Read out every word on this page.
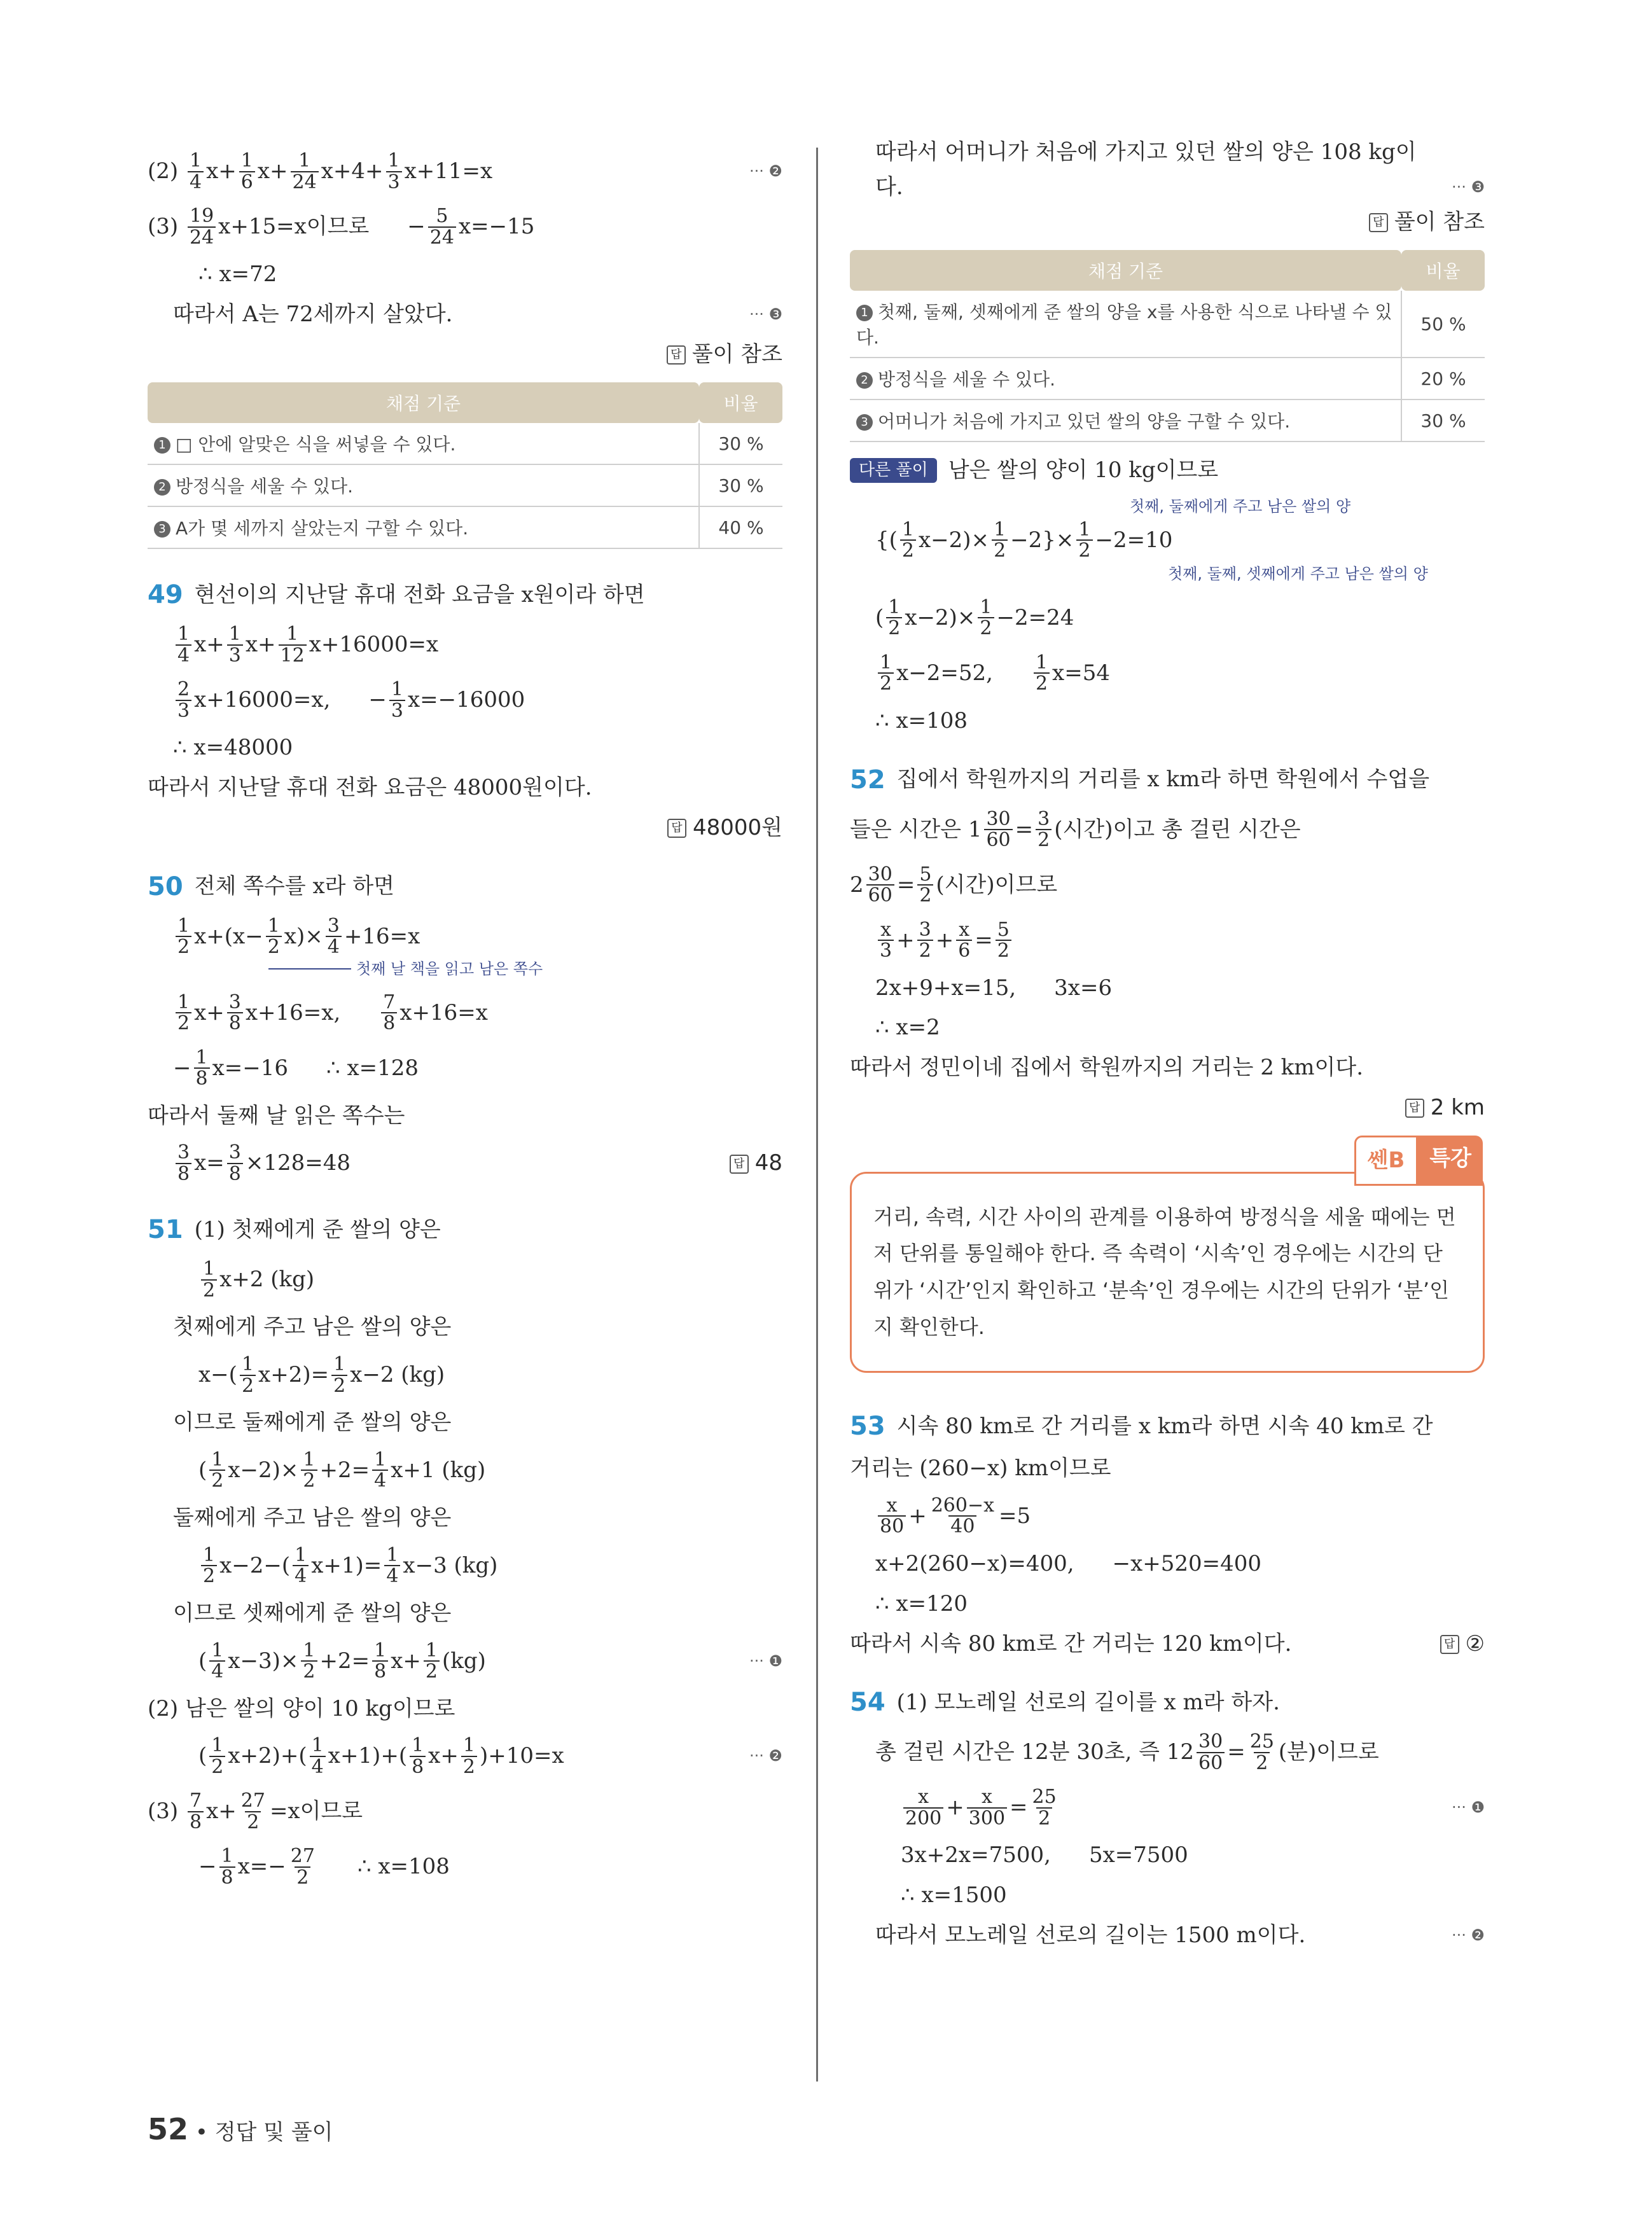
(2)
$\frac{1}{4} x+ \frac{1}{6} x+ \frac{1}{24} x+4+ \frac{1}{3} x+11=x$	··· ❷
(3)
$\frac{19}{24} x+15=x$이므로 − $\frac{5}{24} x=-15$
∴ x=72
따라서 A는 72세까지 살았다.	··· ❸
답 풀이 참조
채점 기준	비율
1 □ 안에 알맞은 식을 써넣을 수 있다.	30 %
2 방정식을 세울 수 있다.	30 %
3 A가 몇 세까지 살았는지 구할 수 있다.	40 %
49 현선이의 지난달 휴대 전화 요금을 x원이라 하면
$\frac{1}{4} x+ \frac{1}{3} x+ \frac{1}{12} x+16000=x$
$\frac{2}{3} x+16000=x$, − $\frac{1}{3} x=-16000$
∴ x=48000
따라서 지난달 휴대 전화 요금은 48000원이다.
답 48000원
50 전체 쪽수를 x라 하면
$\frac{1}{2} x+ (x- \frac{1}{2} x)\times \frac{3}{4} +16=x$
첫째 날 책을 읽고 남은 쪽수
$\frac{1}{2} x+ \frac{3}{8} x+16=x$, $\frac{7}{8} x+16=x$
− $\frac{1}{8} x=-16$ ∴ x=128
따라서 둘째 날 읽은 쪽수는
$\frac{3}{8} x= \frac{3}{8} \times 128=48$	답 48
51 (1) 첫째에게 준 쌀의 양은
$\frac{1}{2} x+2$ (kg)
첫째에게 주고 남은 쌀의 양은
$x-( \frac{1}{2} x+2)= \frac{1}{2} x-2$ (kg)
이므로 둘째에게 준 쌀의 양은
( $\frac{1}{2} x-2)\times \frac{1}{2} +2= \frac{1}{4} x+1$ (kg)
둘째에게 주고 남은 쌀의 양은
$\frac{1}{2} x-2-( \frac{1}{4} x+1)= \frac{1}{4} x-3$ (kg)
이므로 셋째에게 준 쌀의 양은
( $\frac{1}{4} x-3)\times \frac{1}{2} +2= \frac{1}{8} x+ \frac{1}{2} (kg)$	··· ❶
(2) 남은 쌀의 양이 10 kg이므로
( $\frac{1}{2} x+2)+( \frac{1}{4} x+1)+( \frac{1}{8} x+ \frac{1}{2} )+10=x$	··· ❷
(3)
$\frac{7}{8} x+ \frac{27}{2} =x$이므로
− $\frac{1}{8} x=- \frac{27}{2}$ ∴ x=108
따라서 어머니가 처음에 가지고 있던 쌀의 양은 108 kg이
다.	··· ❸
답 풀이 참조
채점 기준	비율
1 첫째, 둘째, 셋째에게 준 쌀의 양을 x를 사용한 식으로 나타낼 수 있다.	50 %
2 방정식을 세울 수 있다.	20 %
3 어머니가 처음에 가지고 있던 쌀의 양을 구할 수 있다.	30 %
다른 풀이 남은 쌀의 양이 10 kg이므로
첫째, 둘째에게 주고 남은 쌀의 양
{( $\frac{1}{2} x-2)\times \frac{1}{2} -2\}\times \frac{1}{2} -2=10$
첫째, 둘째, 셋째에게 주고 남은 쌀의 양
( $\frac{1}{2} x-2)\times \frac{1}{2} -2=24$
$\frac{1}{2} x-2=52$, $\frac{1}{2} x=54$
∴ x=108
52 집에서 학원까지의 거리를 x km라 하면 학원에서 수업을
들은 시간은 $1 \frac{30}{60} = \frac{3}{2}$ (시간)이고 총 걸린 시간은
$2 \frac{30}{60} = \frac{5}{2}$ (시간)이므로
$\frac{x}{3} + \frac{3}{2} + \frac{x}{6} = \frac{5}{2}$
2x+9+x=15, 3x=6
∴ x=2
따라서 정민이네 집에서 학원까지의 거리는 2 km이다.
답 2 km
쎈B	특강
거리, 속력, 시간 사이의 관계를 이용하여 방정식을 세울 때에는 먼저 단위를 통일해야 한다. 즉 속력이 ‘시속’인 경우에는 시간의 단위가 ‘시간’인지 확인하고 ‘분속’인 경우에는 시간의 단위가 ‘분’인지 확인한다.
53 시속 80 km로 간 거리를 x km라 하면 시속 40 km로 간
거리는 (260−x) km이므로
$\frac{x}{80} + \frac{260-x}{40} =5$
x+2(260−x)=400, −x+520=400
∴ x=120
따라서 시속 80 km로 간 거리는 120 km이다.	답 ②
54 (1) 모노레일 선로의 길이를 x m라 하자.
총 걸린 시간은 12분 30초, 즉 $12 \frac{30}{60} = \frac{25}{2}$ (분)이므로
$\frac{x}{200} + \frac{x}{300} = \frac{25}{2}$	··· ❶
3x+2x=7500, 5x=7500
∴ x=1500
따라서 모노레일 선로의 길이는 1500 m이다.	··· ❷
52 • 정답 및 풀이
